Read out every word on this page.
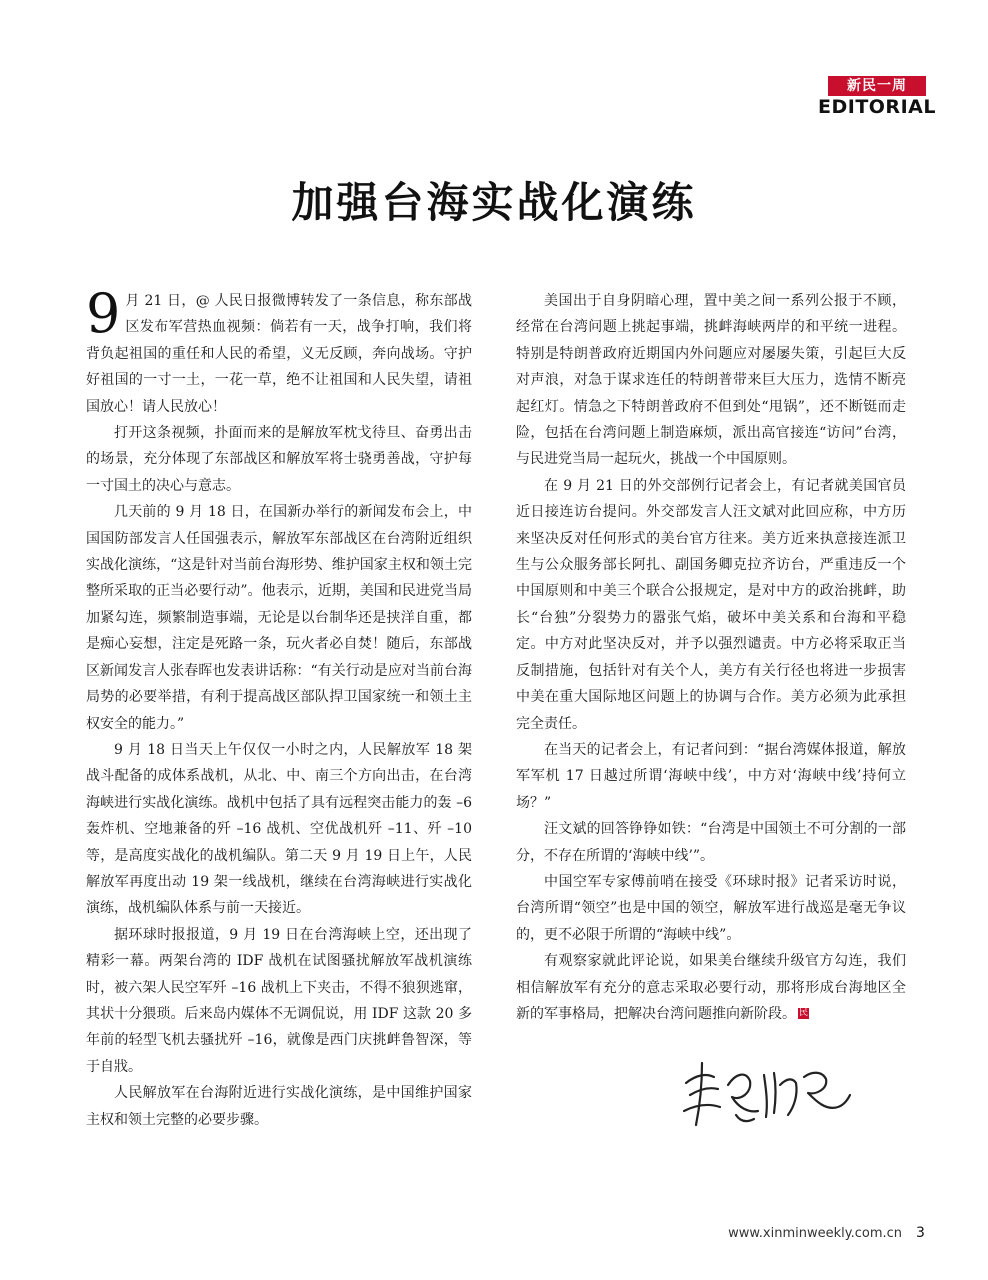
新民一周
EDITORIAL
加强台海实战化演练

9 月 21 日，@ 人民日报微博转发了一条信息，称东部战区发布军营热血视频：倘若有一天，战争打响，我们将背负起祖国的重任和人民的希望，义无反顾，奔向战场。守护好祖国的一寸一土，一花一草，绝不让祖国和人民失望，请祖国放心！请人民放心！

打开这条视频，扑面而来的是解放军枕戈待旦、奋勇出击的场景，充分体现了东部战区和解放军将士骁勇善战，守护每一寸国土的决心与意志。

几天前的 9 月 18 日，在国新办举行的新闻发布会上，中国国防部发言人任国强表示，解放军东部战区在台湾附近组织实战化演练，“这是针对当前台海形势、维护国家主权和领土完整所采取的正当必要行动”。他表示，近期，美国和民进党当局加紧勾连，频繁制造事端，无论是以台制华还是挟洋自重，都是痴心妄想，注定是死路一条，玩火者必自焚！随后，东部战区新闻发言人张春晖也发表讲话称：“有关行动是应对当前台海局势的必要举措，有利于提高战区部队捍卫国家统一和领土主权安全的能力。”

9 月 18 日当天上午仅仅一小时之内，人民解放军 18 架战斗配备的成体系战机，从北、中、南三个方向出击，在台湾海峡进行实战化演练。战机中包括了具有远程突击能力的轰 –6 轰炸机、空地兼备的歼 –16 战机、空优战机歼 –11、歼 –10 等，是高度实战化的战机编队。第二天 9 月 19 日上午，人民解放军再度出动 19 架一线战机，继续在台湾海峡进行实战化演练，战机编队体系与前一天接近。

据环球时报报道，9 月 19 日在台湾海峡上空，还出现了精彩一幕。两架台湾的 IDF 战机在试图骚扰解放军战机演练时，被六架人民空军歼 –16 战机上下夹击，不得不狼狈逃窜，其状十分猥琐。后来岛内媒体不无调侃说，用 IDF 这款 20 多年前的轻型飞机去骚扰歼 –16，就像是西门庆挑衅鲁智深，等于自戕。

人民解放军在台海附近进行实战化演练，是中国维护国家主权和领土完整的必要步骤。

美国出于自身阴暗心理，置中美之间一系列公报于不顾，经常在台湾问题上挑起事端，挑衅海峡两岸的和平统一进程。特别是特朗普政府近期国内外问题应对屡屡失策，引起巨大反对声浪，对急于谋求连任的特朗普带来巨大压力，选情不断亮起红灯。情急之下特朗普政府不但到处“甩锅”，还不断铤而走险，包括在台湾问题上制造麻烦，派出高官接连“访问”台湾，与民进党当局一起玩火，挑战一个中国原则。

在 9 月 21 日的外交部例行记者会上，有记者就美国官员近日接连访台提问。外交部发言人汪文斌对此回应称，中方历来坚决反对任何形式的美台官方往来。美方近来执意接连派卫生与公众服务部长阿扎、副国务卿克拉齐访台，严重违反一个中国原则和中美三个联合公报规定，是对中方的政治挑衅，助长“台独”分裂势力的嚣张气焰，破坏中美关系和台海和平稳定。中方对此坚决反对，并予以强烈谴责。中方必将采取正当反制措施，包括针对有关个人，美方有关行径也将进一步损害中美在重大国际地区问题上的协调与合作。美方必须为此承担完全责任。

在当天的记者会上，有记者问到：“据台湾媒体报道，解放军军机 17 日越过所谓‘海峡中线’，中方对‘海峡中线’持何立场？”

汪文斌的回答铮铮如铁：“台湾是中国领土不可分割的一部分，不存在所谓的‘海峡中线’”。

中国空军专家傅前哨在接受《环球时报》记者采访时说，台湾所谓“领空”也是中国的领空，解放军进行战巡是毫无争议的，更不必限于所谓的“海峡中线”。

有观察家就此评论说，如果美台继续升级官方勾连，我们相信解放军有充分的意志采取必要行动，那将形成台海地区全新的军事格局，把解决台湾问题推向新阶段。 民

www.xinminweekly.com.cn 3
